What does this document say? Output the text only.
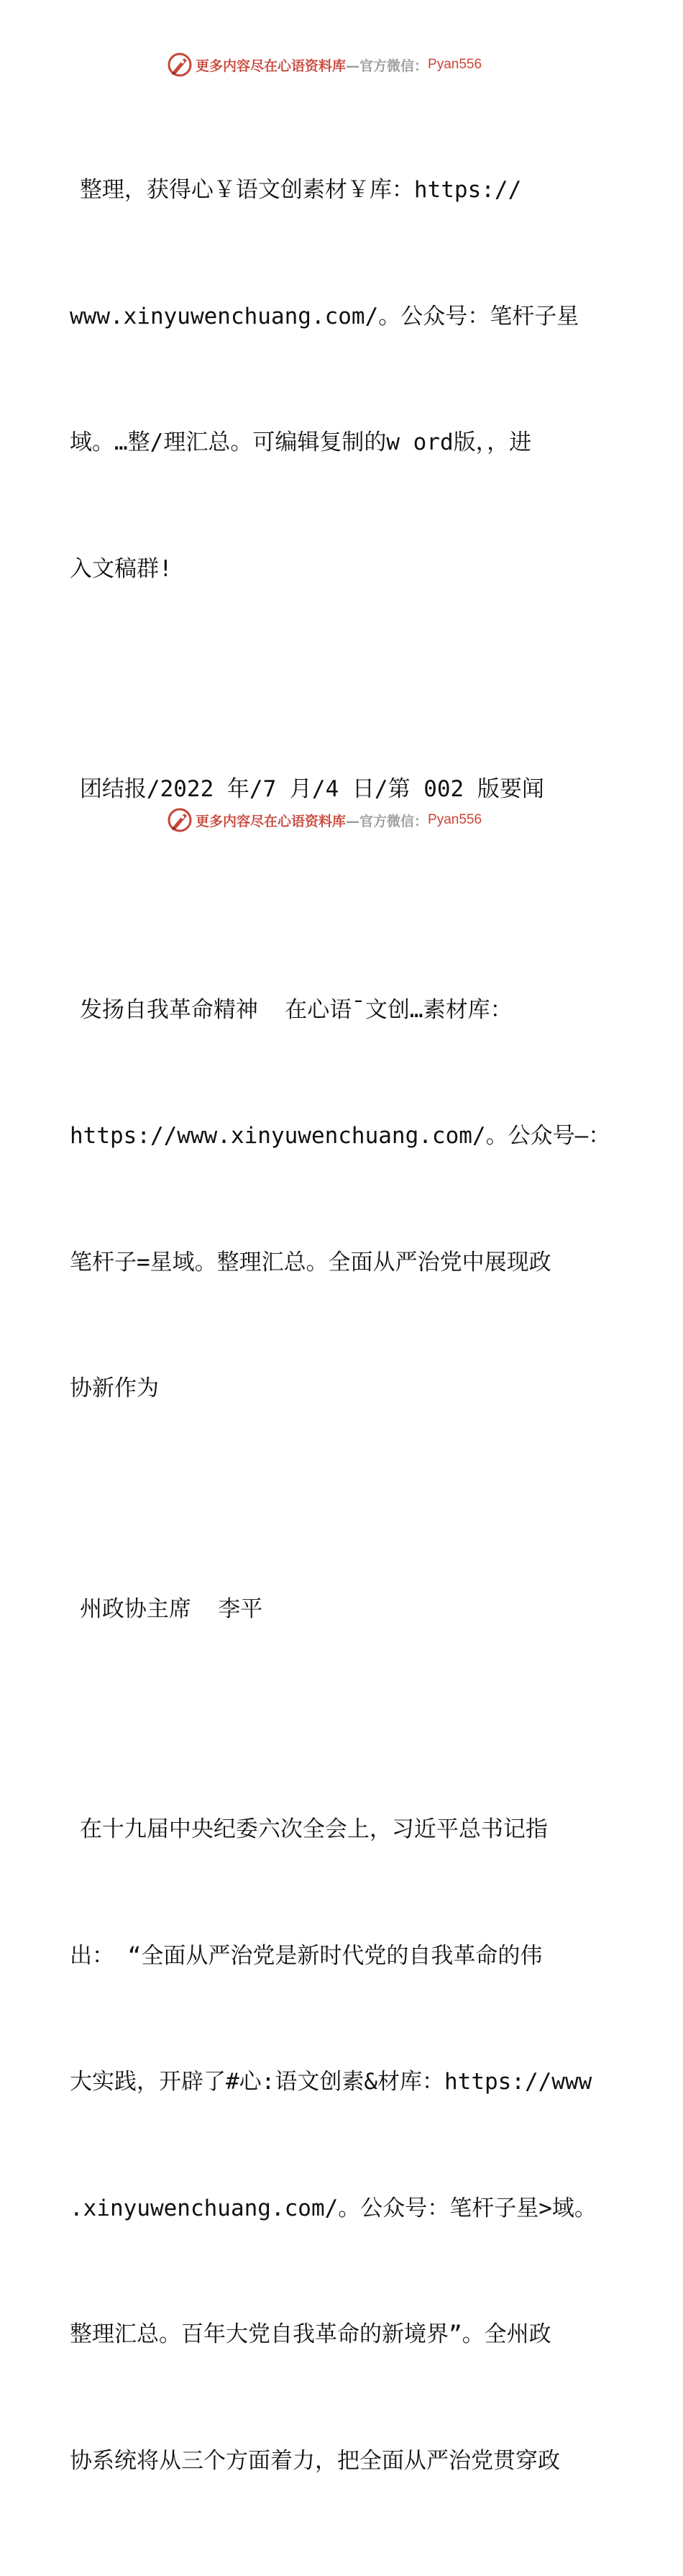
更多内容尽在心语资料库 —官方微信： Pyan556

整理，获得心￥语文创素材￥库：https://

www.xinyuwenchuang.com/。公众号：笔杆子星

域。…整/理汇总。可编辑复制的w ord版，，进

入文稿群!

团结报/2022 年/7 月/4 日/第 002 版要闻

发扬自我革命精神  在心语¯文创…素材库：

https://www.xinyuwenchuang.com/。公众号—：

笔杆子=星域。整理汇总。全面从严治党中展现政

协新作为

州政协主席  李平

在十九届中央纪委六次全会上，习近平总书记指

出： “全面从严治党是新时代党的自我革命的伟

大实践，开辟了#心:语文创素&材库：https://www

.xinyuwenchuang.com/。公众号：笔杆子星>域。

整理汇总。百年大党自我革命的新境界”。全州政

协系统将从三个方面着力，把全面从严治党贯穿政

更多内容尽在心语资料库 —官方微信： Pyan556
